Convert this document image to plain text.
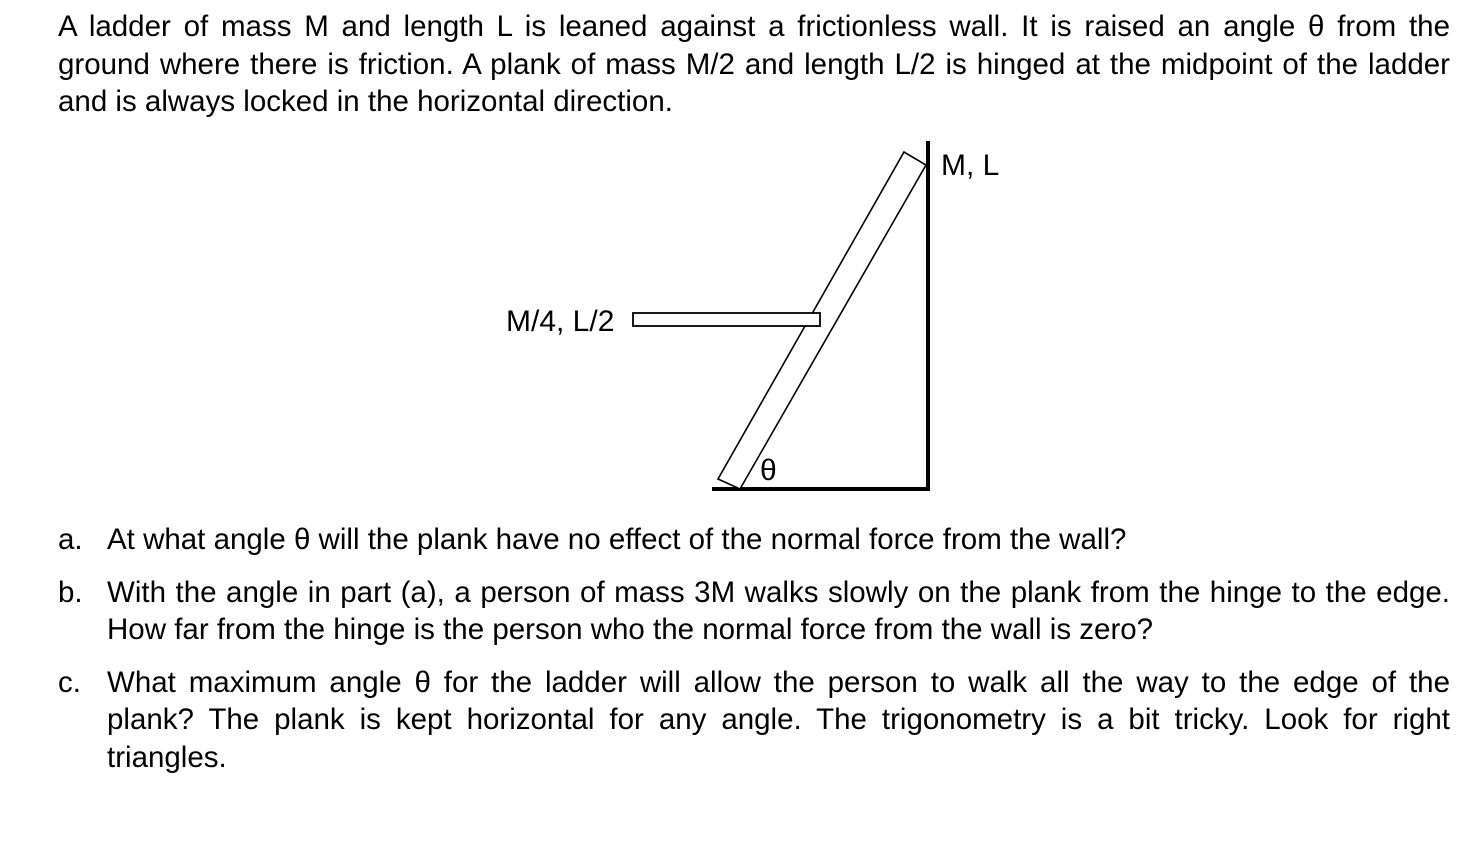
A ladder of mass M and length L is leaned against a frictionless wall. It is raised an angle θ from the ground where there is friction. A plank of mass M/2 and length L/2 is hinged at the midpoint of the ladder and is always locked in the horizontal direction.

M, L
M/4, L/2
θ
a. At what angle θ will the plank have no effect of the normal force from the wall?
b. With the angle in part (a), a person of mass 3M walks slowly on the plank from the hinge to the edge. How far from the hinge is the person who the normal force from the wall is zero?
c. What maximum angle θ for the ladder will allow the person to walk all the way to the edge of the plank? The plank is kept horizontal for any angle. The trigonometry is a bit tricky. Look for right triangles.
